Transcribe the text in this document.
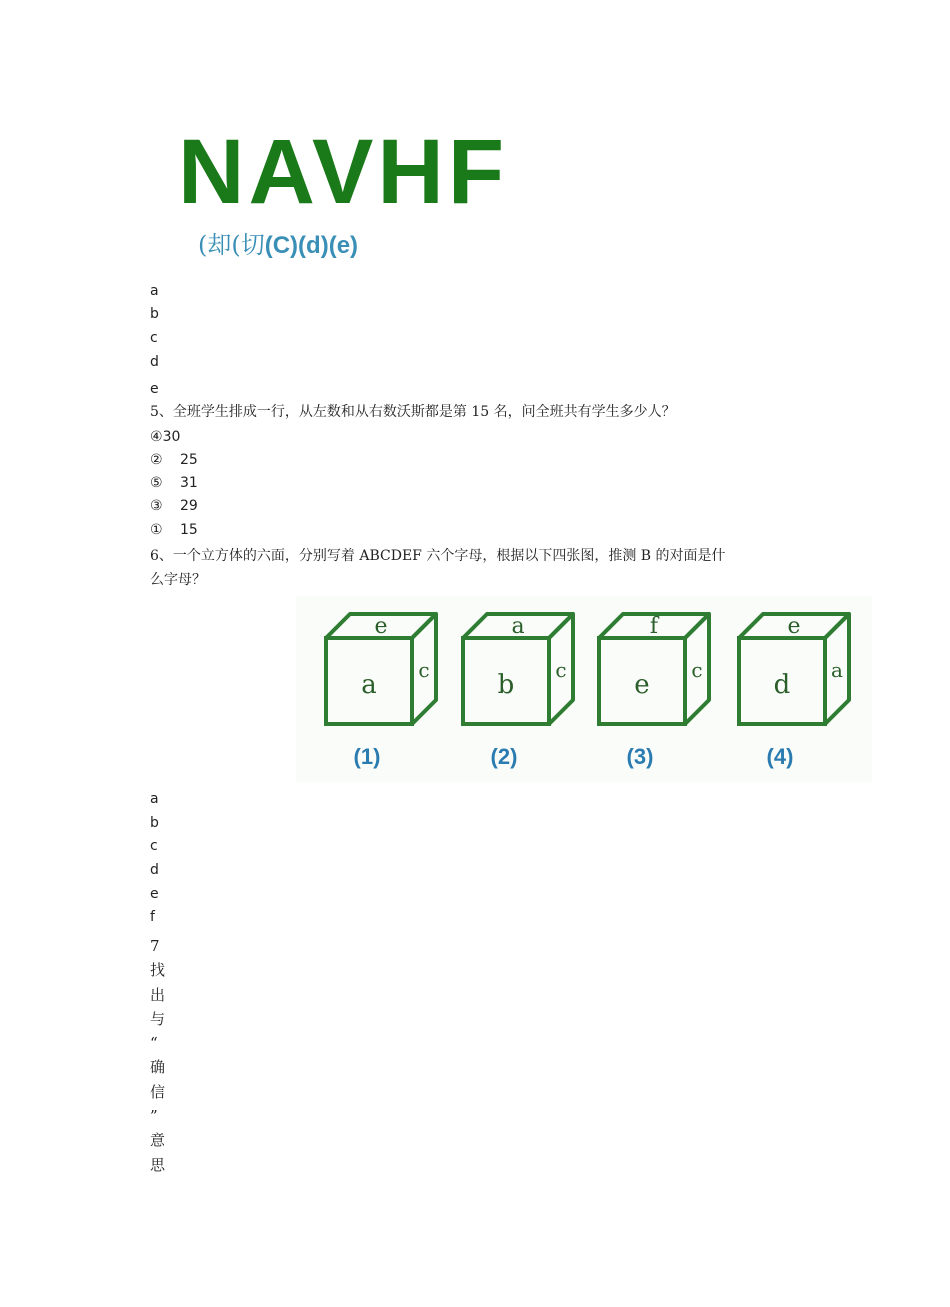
NAVHF
(却(切(C)(d)(e)
a
b
c
d
e
5、全班学生排成一行，从左数和从右数沃斯都是第 15 名，问全班共有学生多少人？
④30
② 25
⑤ 31
③ 29
① 15
6、一个立方体的六面，分别写着 ABCDEF 六个字母，根据以下四张图，推测 B 的对面是什
么字母？
e
a c
(1)
a
b c
(2)
f
e c
(3)
e
d a
(4)
a
b
c
d
e
f
7
找
出
与
“
确
信
”
意
思
